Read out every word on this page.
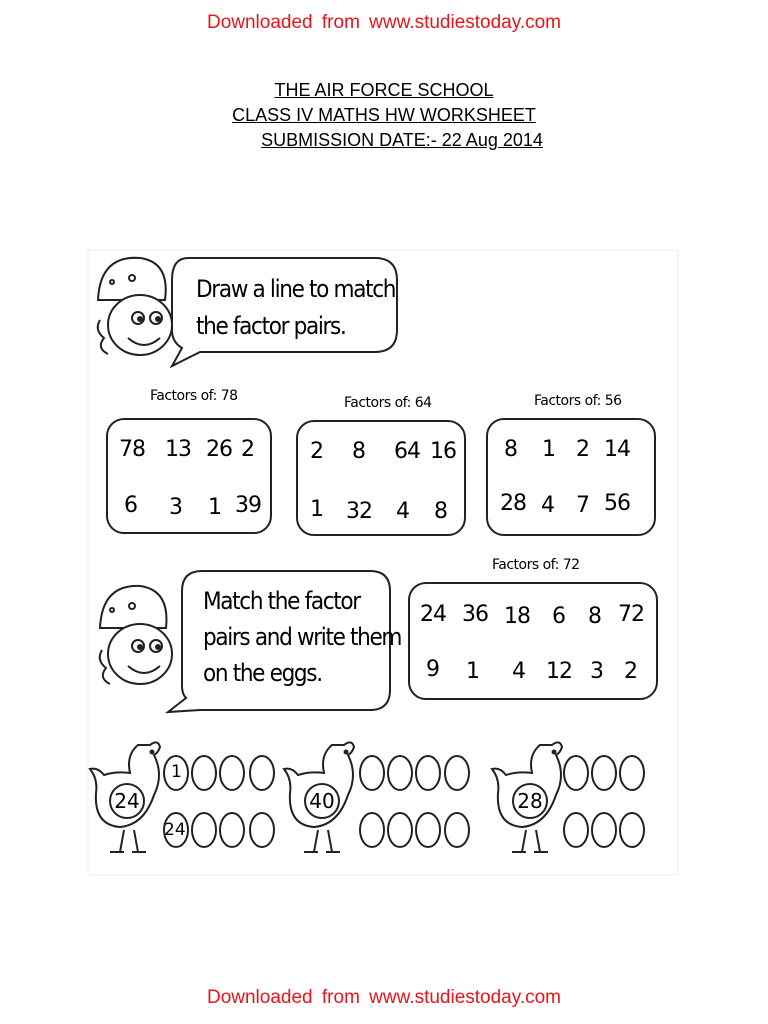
Downloaded from www.studiestoday.com
Downloaded from www.studiestoday.com
THE AIR FORCE SCHOOL
CLASS IV MATHS HW WORKSHEET
SUBMISSION DATE:- 22 Aug 2014
Draw a line to match
the factor pairs.
Factors of: 78	Factors of: 64	Factors of: 56
Factors of: 72
78 13 26 2
6 3 1 39
2 8 64 16
1 32 4 8
8 1 2 14
28 4 7 56
24 36 18 6 8 72
9 1 4 12 3 2
Match the factor
pairs and write them
on the eggs.
24	40	28
1
24
